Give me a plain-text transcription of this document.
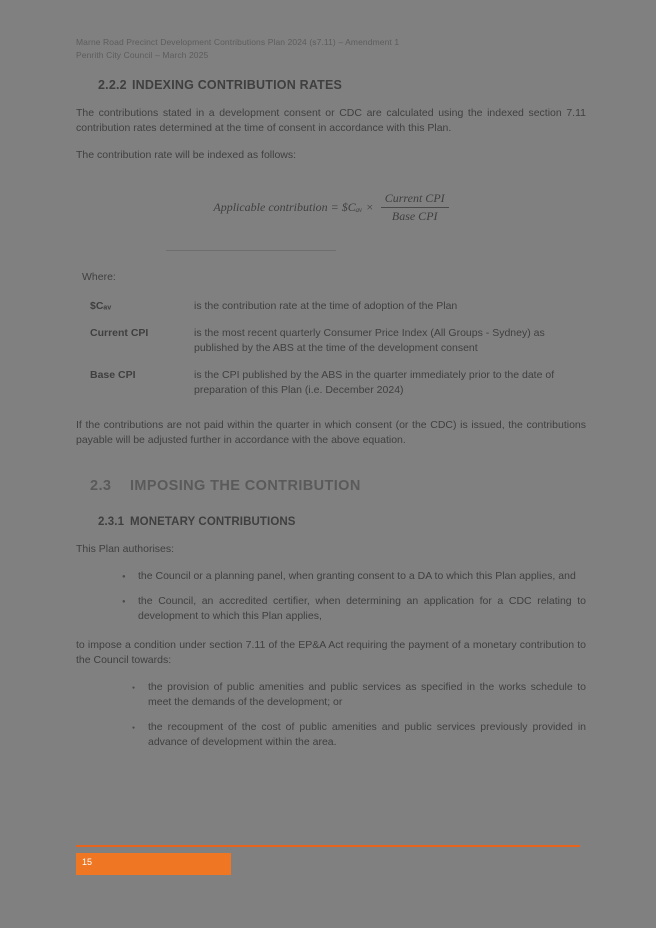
Marne Road Precinct Development Contributions Plan 2024 (s7.11) – Amendment 1
Penrith City Council – March 2025
2.2.2 INDEXING CONTRIBUTION RATES

The contributions stated in a development consent or CDC are calculated using the indexed section 7.11 contribution rates determined at the time of consent in accordance with this Plan.

The contribution rate will be indexed as follows:

Applicable contribution = $Cₐᵥ × $\frac{\text{Current CPI}}{\text{Base CPI}}$
Where:
$Cₐᵥ	is the contribution rate at the time of adoption of the Plan
Current CPI	is the most recent quarterly Consumer Price Index (All Groups - Sydney) as published by the ABS at the time of the development consent
Base CPI	is the CPI published by the ABS in the quarter immediately prior to the date of preparation of this Plan (i.e. December 2024)

If the contributions are not paid within the quarter in which consent (or the CDC) is issued, the contributions payable will be adjusted further in accordance with the above equation.

2.3 IMPOSING THE CONTRIBUTION
2.3.1 MONETARY CONTRIBUTIONS

This Plan authorises:

● the Council or a planning panel, when granting consent to a DA to which this Plan applies, and
● the Council, an accredited certifier, when determining an application for a CDC relating to development to which this Plan applies,

to impose a condition under section 7.11 of the EP&A Act requiring the payment of a monetary contribution to the Council towards:

● the provision of public amenities and public services as specified in the works schedule to meet the demands of the development; or
● the recoupment of the cost of public amenities and public services previously provided in advance of development within the area.
15
